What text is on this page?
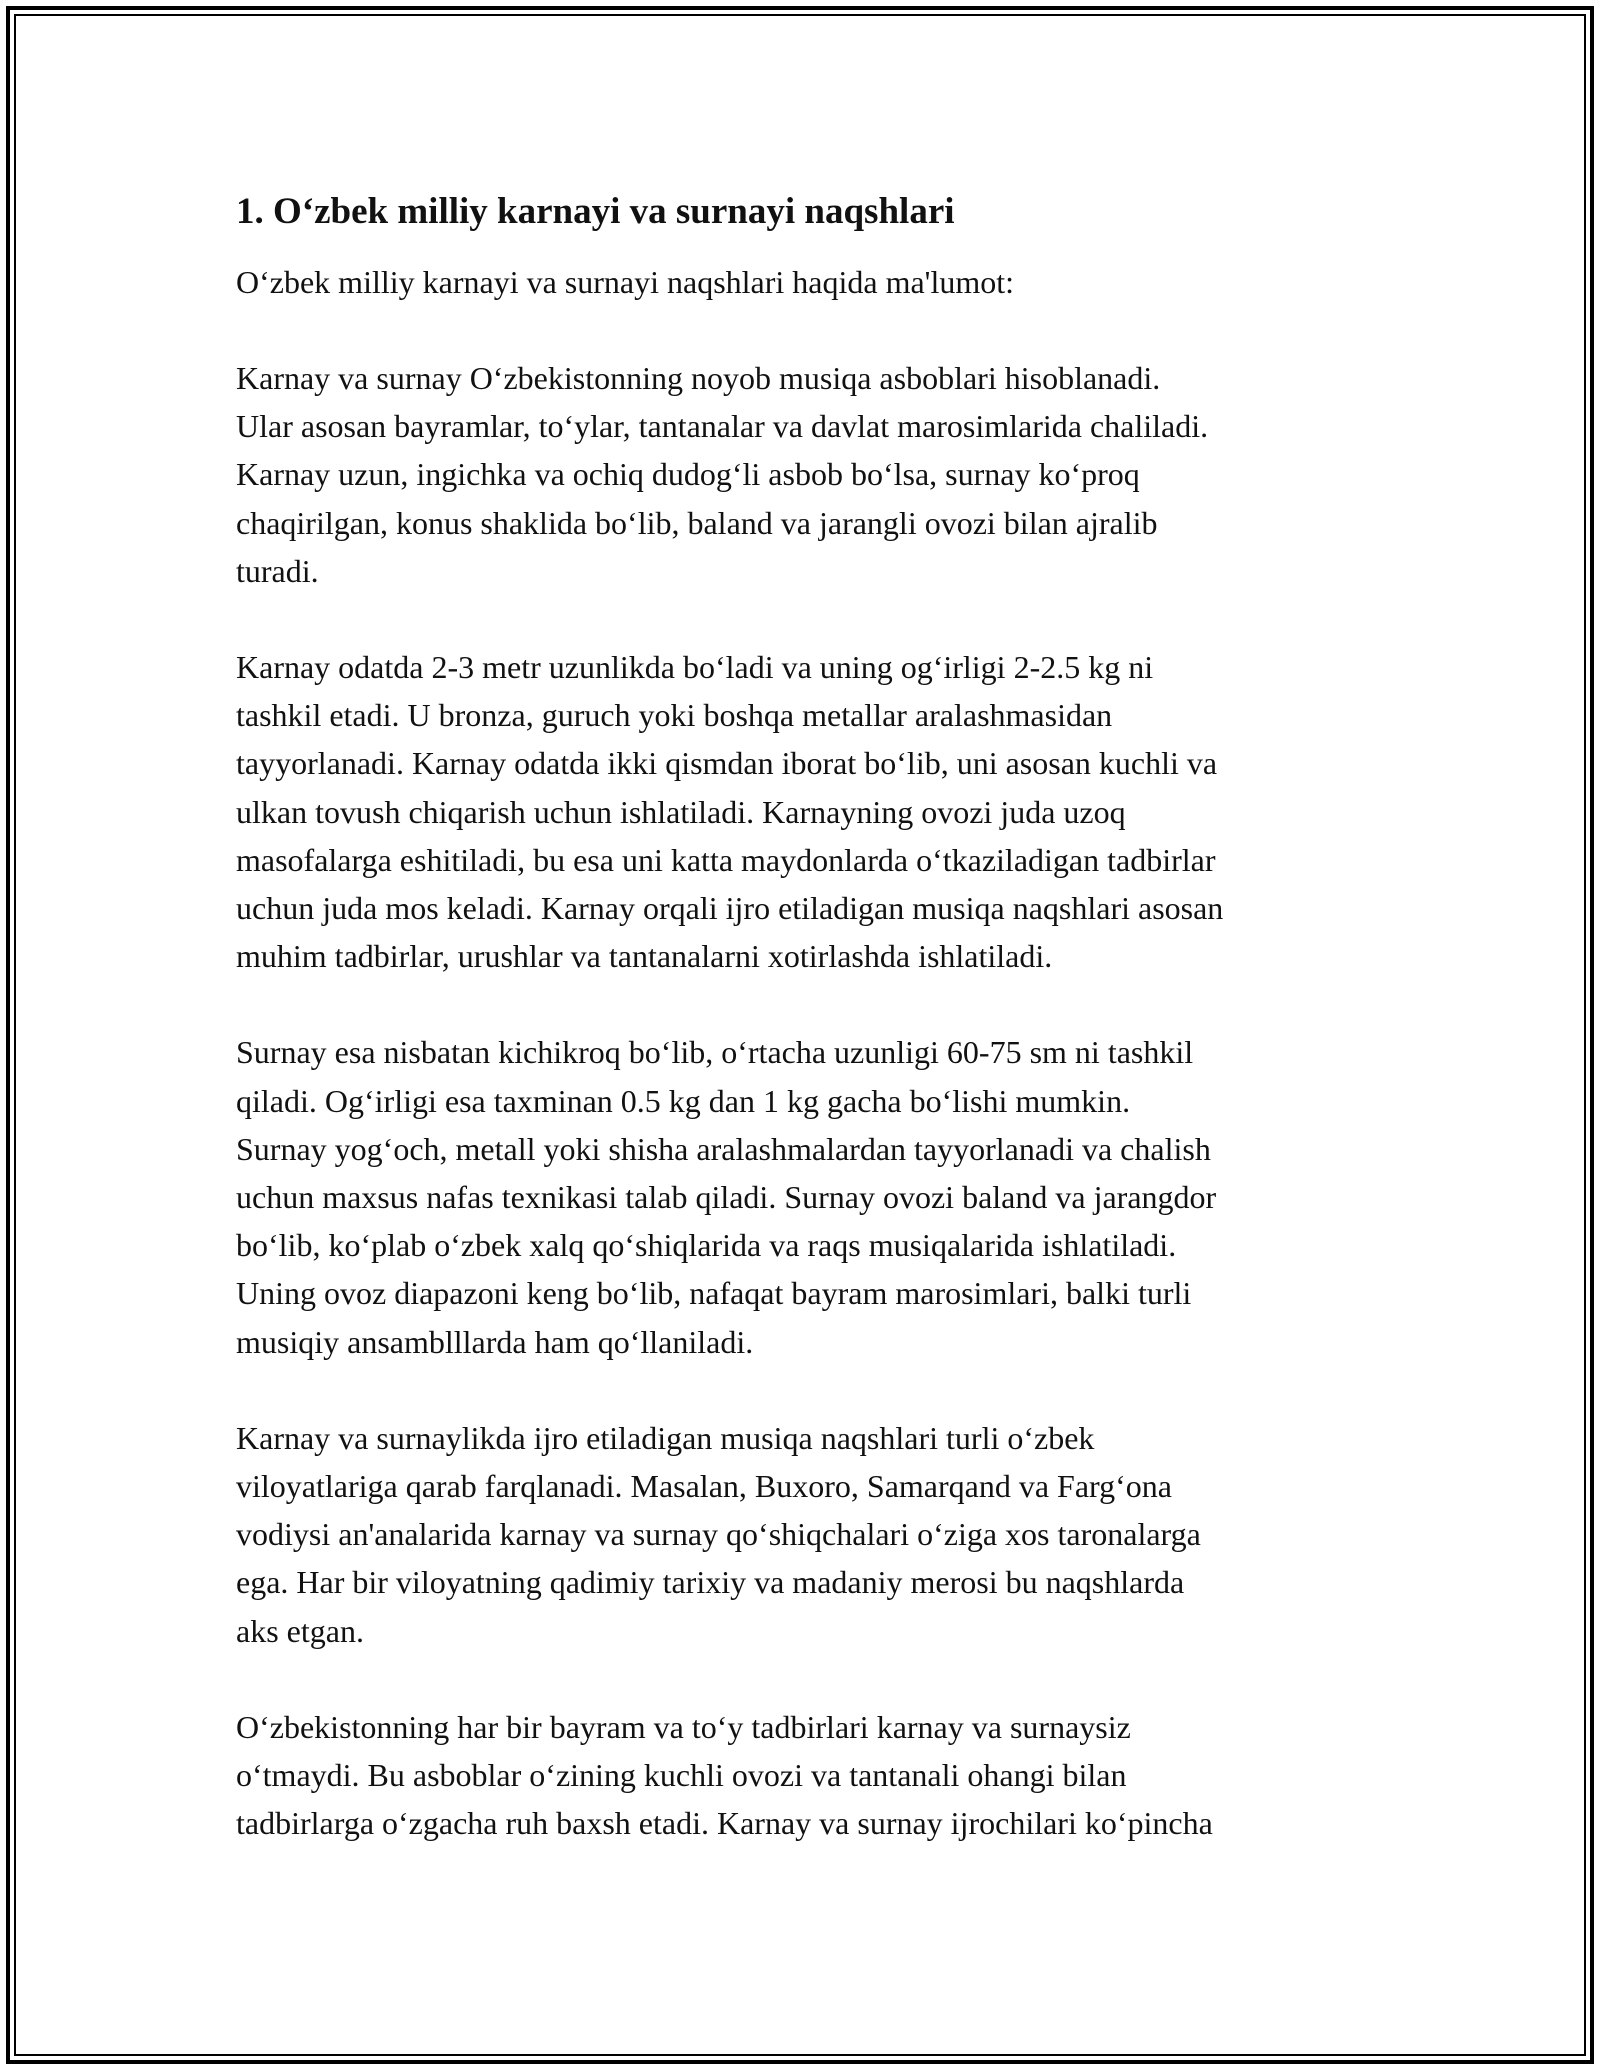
1. O‘zbek milliy karnayi va surnayi naqshlari

O‘zbek milliy karnayi va surnayi naqshlari haqida ma'lumot:

Karnay va surnay O‘zbekistonning noyob musiqa asboblari hisoblanadi.
Ular asosan bayramlar, to‘ylar, tantanalar va davlat marosimlarida chaliladi.
Karnay uzun, ingichka va ochiq dudog‘li asbob bo‘lsa, surnay ko‘proq
chaqirilgan, konus shaklida bo‘lib, baland va jarangli ovozi bilan ajralib
turadi.
Karnay odatda 2-3 metr uzunlikda bo‘ladi va uning og‘irligi 2-2.5 kg ni
tashkil etadi. U bronza, guruch yoki boshqa metallar aralashmasidan
tayyorlanadi. Karnay odatda ikki qismdan iborat bo‘lib, uni asosan kuchli va
ulkan tovush chiqarish uchun ishlatiladi. Karnayning ovozi juda uzoq
masofalarga eshitiladi, bu esa uni katta maydonlarda o‘tkaziladigan tadbirlar
uchun juda mos keladi. Karnay orqali ijro etiladigan musiqa naqshlari asosan
muhim tadbirlar, urushlar va tantanalarni xotirlashda ishlatiladi.
Surnay esa nisbatan kichikroq bo‘lib, o‘rtacha uzunligi 60-75 sm ni tashkil
qiladi. Og‘irligi esa taxminan 0.5 kg dan 1 kg gacha bo‘lishi mumkin.
Surnay yog‘och, metall yoki shisha aralashmalardan tayyorlanadi va chalish
uchun maxsus nafas texnikasi talab qiladi. Surnay ovozi baland va jarangdor
bo‘lib, ko‘plab o‘zbek xalq qo‘shiqlarida va raqs musiqalarida ishlatiladi.
Uning ovoz diapazoni keng bo‘lib, nafaqat bayram marosimlari, balki turli
musiqiy ansamblllarda ham qo‘llaniladi.
Karnay va surnaylikda ijro etiladigan musiqa naqshlari turli o‘zbek
viloyatlariga qarab farqlanadi. Masalan, Buxoro, Samarqand va Farg‘ona
vodiysi an'analarida karnay va surnay qo‘shiqchalari o‘ziga xos taronalarga
ega. Har bir viloyatning qadimiy tarixiy va madaniy merosi bu naqshlarda
aks etgan.
O‘zbekistonning har bir bayram va to‘y tadbirlari karnay va surnaysiz
o‘tmaydi. Bu asboblar o‘zining kuchli ovozi va tantanali ohangi bilan
tadbirlarga o‘zgacha ruh baxsh etadi. Karnay va surnay ijrochilari ko‘pincha
